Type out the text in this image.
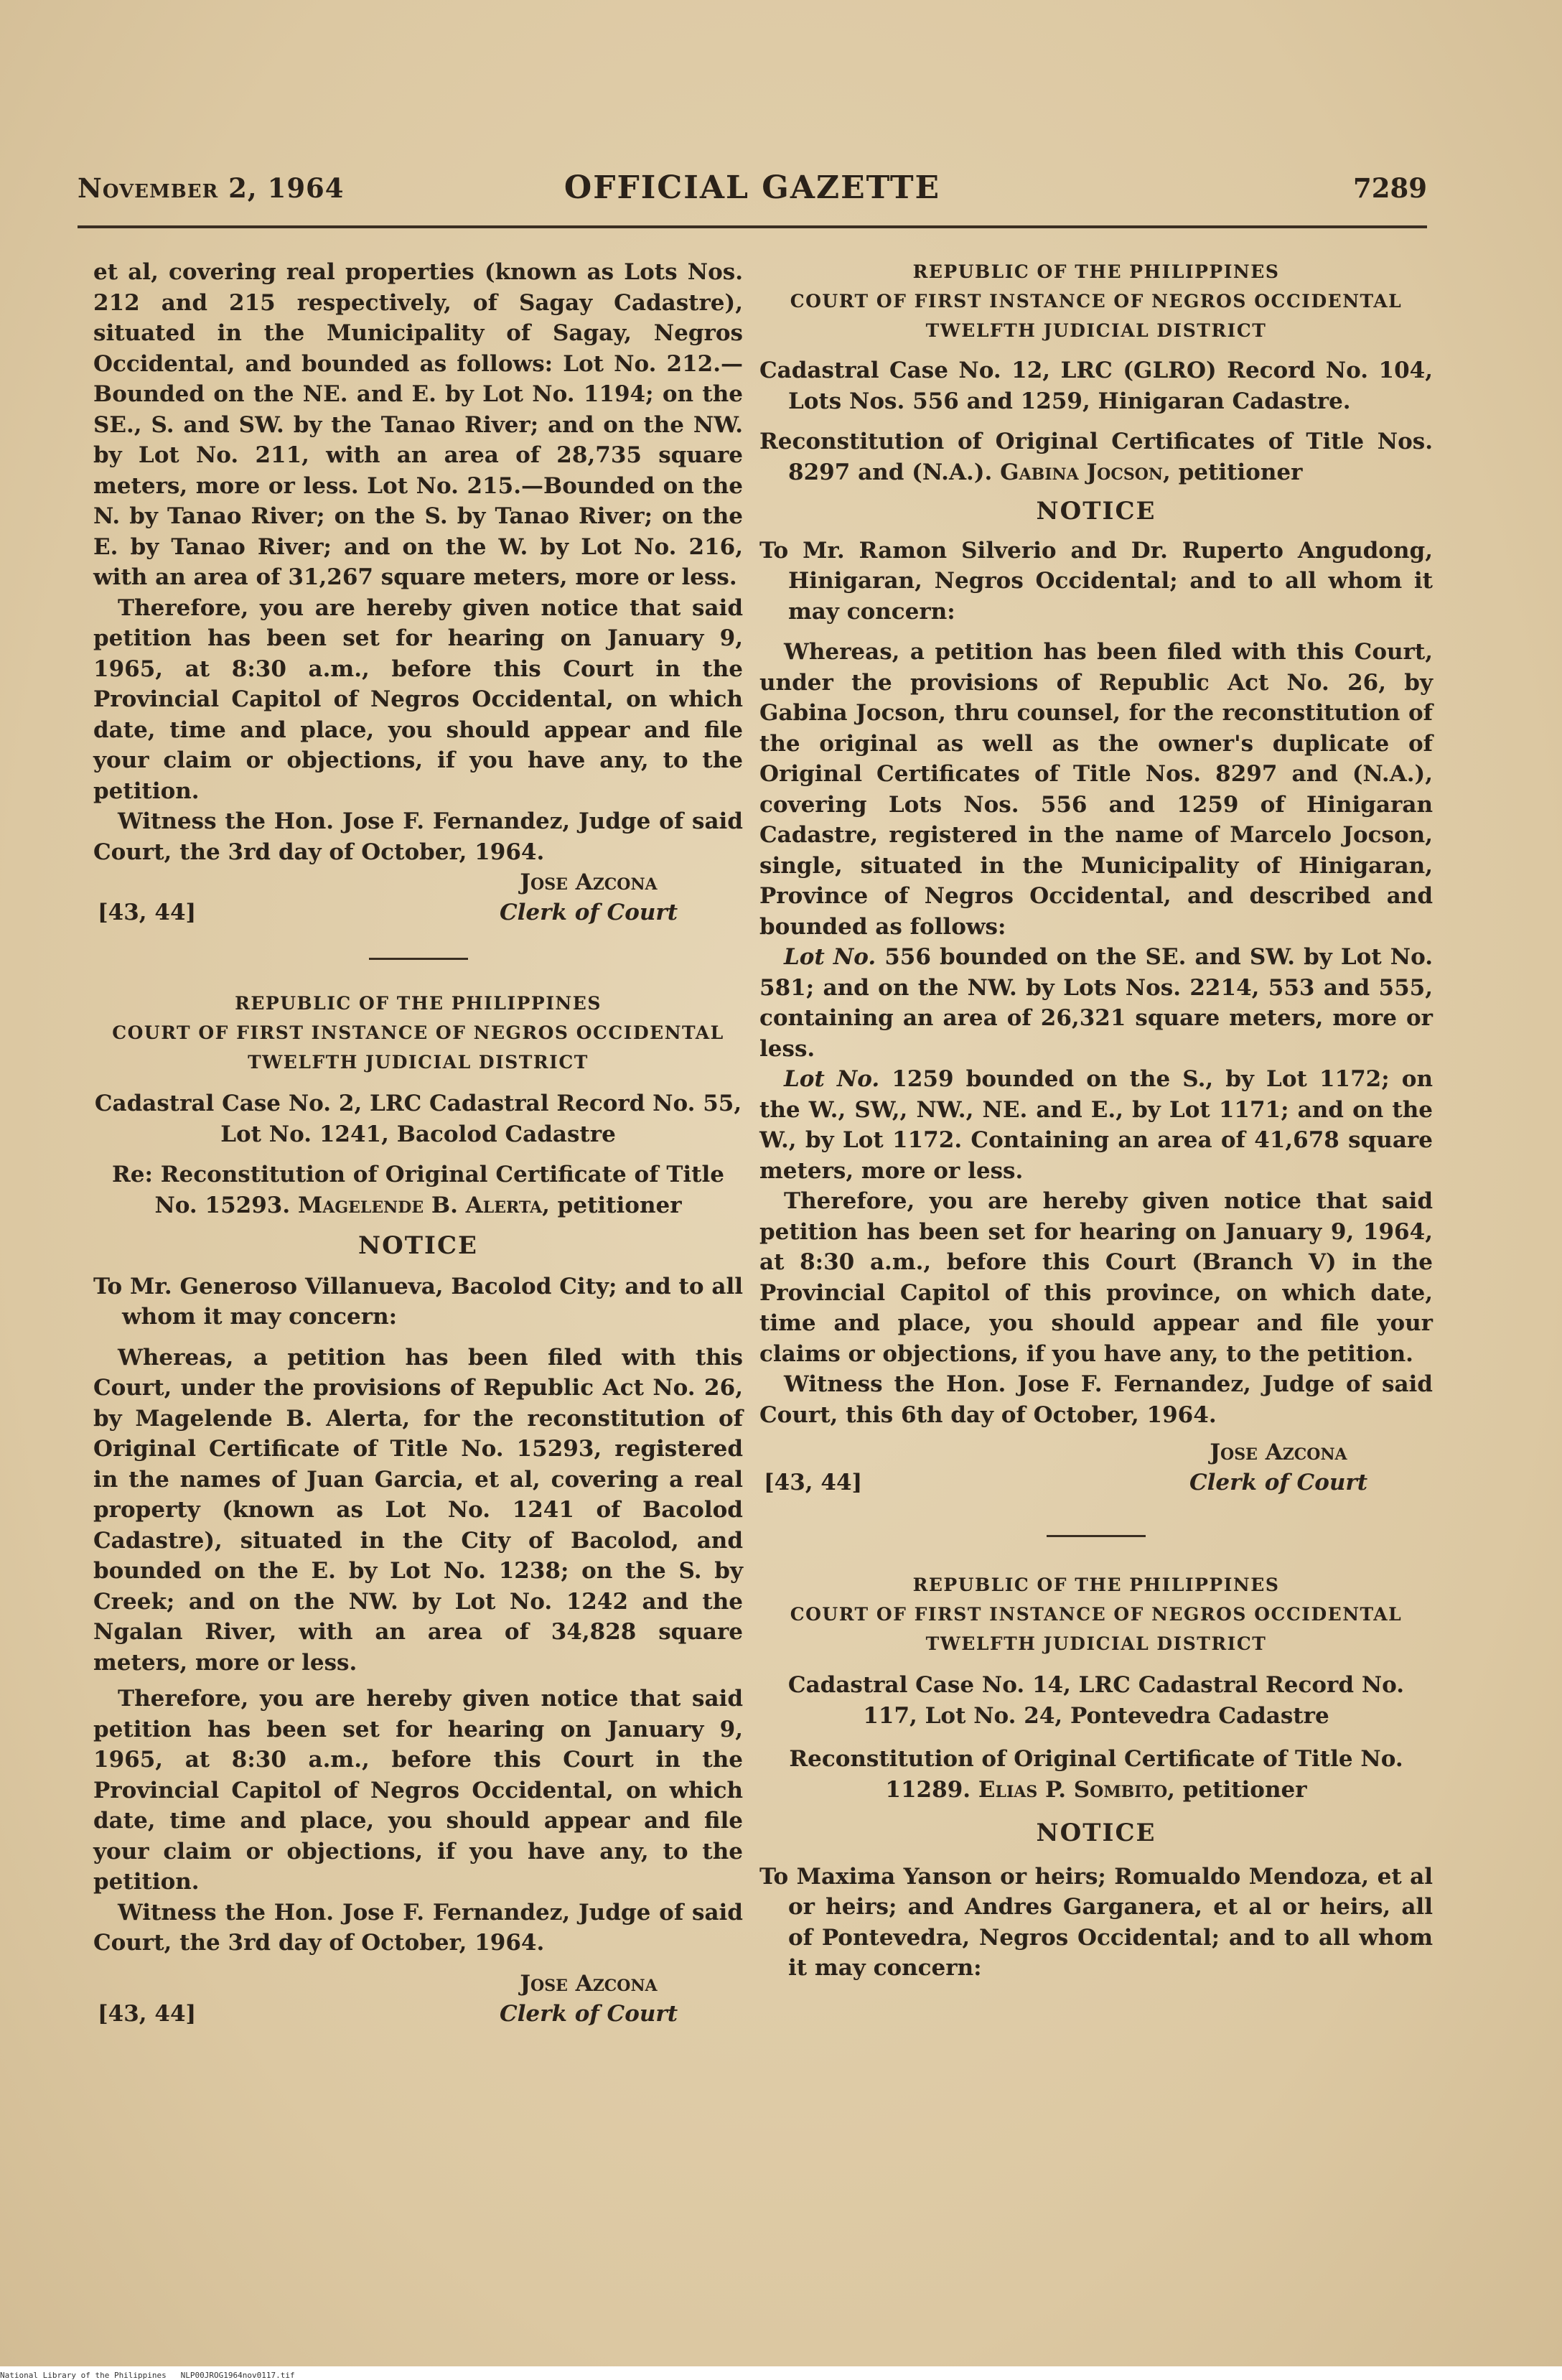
November 2, 1964	OFFICIAL GAZETTE	7289

et al, covering real properties (known as Lots Nos. 212 and 215 respectively, of Sagay Cadastre), situated in the Municipality of Sagay, Negros Occidental, and bounded as follows: Lot No. 212.— Bounded on the NE. and E. by Lot No. 1194; on the SE., S. and SW. by the Tanao River; and on the NW. by Lot No. 211, with an area of 28,735 square meters, more or less. Lot No. 215.—Bounded on the N. by Tanao River; on the S. by Tanao River; on the E. by Tanao River; and on the W. by Lot No. 216, with an area of 31,267 square meters, more or less.

Therefore, you are hereby given notice that said petition has been set for hearing on January 9, 1965, at 8:30 a.m., before this Court in the Provincial Capitol of Negros Occidental, on which date, time and place, you should appear and file your claim or objections, if you have any, to the petition.

Witness the Hon. Jose F. Fernandez, Judge of said Court, the 3rd day of October, 1964.

Jose Azcona
Clerk of Court
[43, 44]

REPUBLIC OF THE PHILIPPINES

COURT OF FIRST INSTANCE OF NEGROS OCCIDENTAL

TWELFTH JUDICIAL DISTRICT

Cadastral Case No. 2, LRC Cadastral Record No. 55, Lot No. 1241, Bacolod Cadastre

Re: Reconstitution of Original Certificate of Title No. 15293. Magelende B. Alerta, petitioner

NOTICE

To Mr. Generoso Villanueva, Bacolod City; and to all whom it may concern:

Whereas, a petition has been filed with this Court, under the provisions of Republic Act No. 26, by Magelende B. Alerta, for the reconstitution of Original Certificate of Title No. 15293, registered in the names of Juan Garcia, et al, covering a real property (known as Lot No. 1241 of Bacolod Cadastre), situated in the City of Bacolod, and bounded on the E. by Lot No. 1238; on the S. by Creek; and on the NW. by Lot No. 1242 and the Ngalan River, with an area of 34,828 square meters, more or less.

Therefore, you are hereby given notice that said petition has been set for hearing on January 9, 1965, at 8:30 a.m., before this Court in the Provincial Capitol of Negros Occidental, on which date, time and place, you should appear and file your claim or objections, if you have any, to the petition.

Witness the Hon. Jose F. Fernandez, Judge of said Court, the 3rd day of October, 1964.

Jose Azcona
Clerk of Court
[43, 44]

REPUBLIC OF THE PHILIPPINES

COURT OF FIRST INSTANCE OF NEGROS OCCIDENTAL

TWELFTH JUDICIAL DISTRICT

Cadastral Case No. 12, LRC (GLRO) Record No. 104, Lots Nos. 556 and 1259, Hinigaran Cadastre.

Reconstitution of Original Certificates of Title Nos. 8297 and (N.A.). Gabina Jocson, petitioner

NOTICE

To Mr. Ramon Silverio and Dr. Ruperto Angudong, Hinigaran, Negros Occidental; and to all whom it may concern:

Whereas, a petition has been filed with this Court, under the provisions of Republic Act No. 26, by Gabina Jocson, thru counsel, for the reconstitution of the original as well as the owner's duplicate of Original Certificates of Title Nos. 8297 and (N.A.), covering Lots Nos. 556 and 1259 of Hinigaran Cadastre, registered in the name of Marcelo Jocson, single, situated in the Municipality of Hinigaran, Province of Negros Occidental, and described and bounded as follows:

Lot No. 556 bounded on the SE. and SW. by Lot No. 581; and on the NW. by Lots Nos. 2214, 553 and 555, containing an area of 26,321 square meters, more or less.

Lot No. 1259 bounded on the S., by Lot 1172; on the W., SW,, NW., NE. and E., by Lot 1171; and on the W., by Lot 1172. Containing an area of 41,678 square meters, more or less.

Therefore, you are hereby given notice that said petition has been set for hearing on January 9, 1964, at 8:30 a.m., before this Court (Branch V) in the Provincial Capitol of this province, on which date, time and place, you should appear and file your claims or objections, if you have any, to the petition.

Witness the Hon. Jose F. Fernandez, Judge of said Court, this 6th day of October, 1964.

Jose Azcona
Clerk of Court
[43, 44]

REPUBLIC OF THE PHILIPPINES

COURT OF FIRST INSTANCE OF NEGROS OCCIDENTAL

TWELFTH JUDICIAL DISTRICT

Cadastral Case No. 14, LRC Cadastral Record No. 117, Lot No. 24, Pontevedra Cadastre

Reconstitution of Original Certificate of Title No. 11289. Elias P. Sombito, petitioner

NOTICE

To Maxima Yanson or heirs; Romualdo Mendoza, et al or heirs; and Andres Garganera, et al or heirs, all of Pontevedra, Negros Occidental; and to all whom it may concern:

National Library of the Philippines NLP00JROG1964nov0117.tif
